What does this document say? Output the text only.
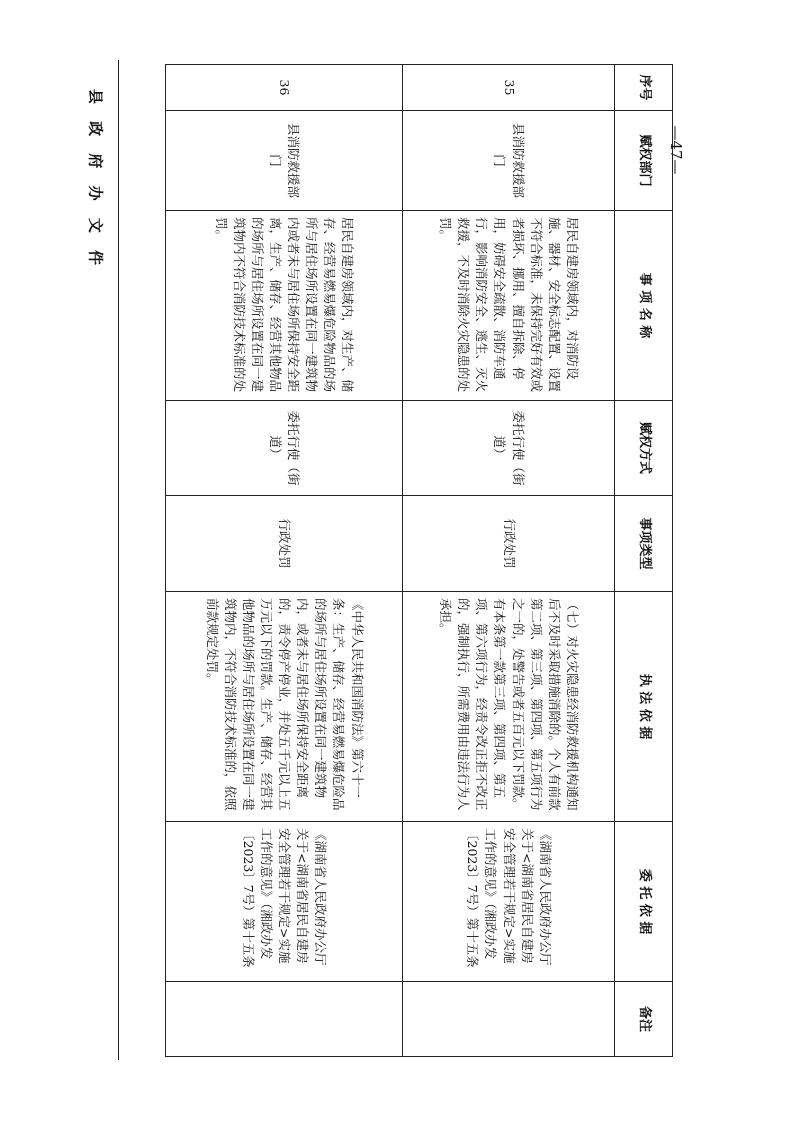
县 政 府 办 文 件	—47—
序号	赋权部门	事 项 名 称	赋权方式	事项类型	执 法 依 据	委 托 依 据	备注
35	县消防救援部门	居民自建房领域内，对消防设施、器材、安全标志配置、设置不符合标准，未保持完好有效或者损坏、挪用、擅自拆除、停用，妨碍安全疏散、消防车通行，影响消防安全、逃生、灭火救援，不及时消除火灾隐患的处罚。	委托行使（街道）	行政处罚	（七）对火灾隐患经消防救援机构通知后不及时采取措施消除的。个人有前款第二项、第三项、第四项、第五项行为之一的，处警告或者五百元以下罚款。有本条第一款第三项、第四项、第五项、第六项行为，经责令改正拒不改正的，强制执行，所需费用由违法行为人承担。	《湖南省人民政府办公厅关于<湖南省居民自建房安全管理若干规定>实施工作的意见》（湘政办发〔2023〕7号）第十五条	
36	县消防救援部门	居民自建房领域内，对生产、储存、经营易燃易爆危险物品的场所与居住场所设置在同一建筑物内或者未与居住场所保持安全距离，生产、储存、经营其他物品的场所与居住场所设置在同一建筑物内不符合消防技术标准的处罚。	委托行使（街道）	行政处罚	《中华人民共和国消防法》第六十一条：生产、储存、经营易燃易爆危险品的场所与居住场所设置在同一建筑物内，或者未与居住场所保持安全距离的，责令停产停业，并处五千元以上五万元以下的罚款。生产、储存、经营其他物品的场所与居住场所设置在同一建筑物内，不符合消防技术标准的，依照前款规定处罚。	《湖南省人民政府办公厅关于<湖南省居民自建房安全管理若干规定>实施工作的意见》（湘政办发〔2023〕7号）第十五条	
